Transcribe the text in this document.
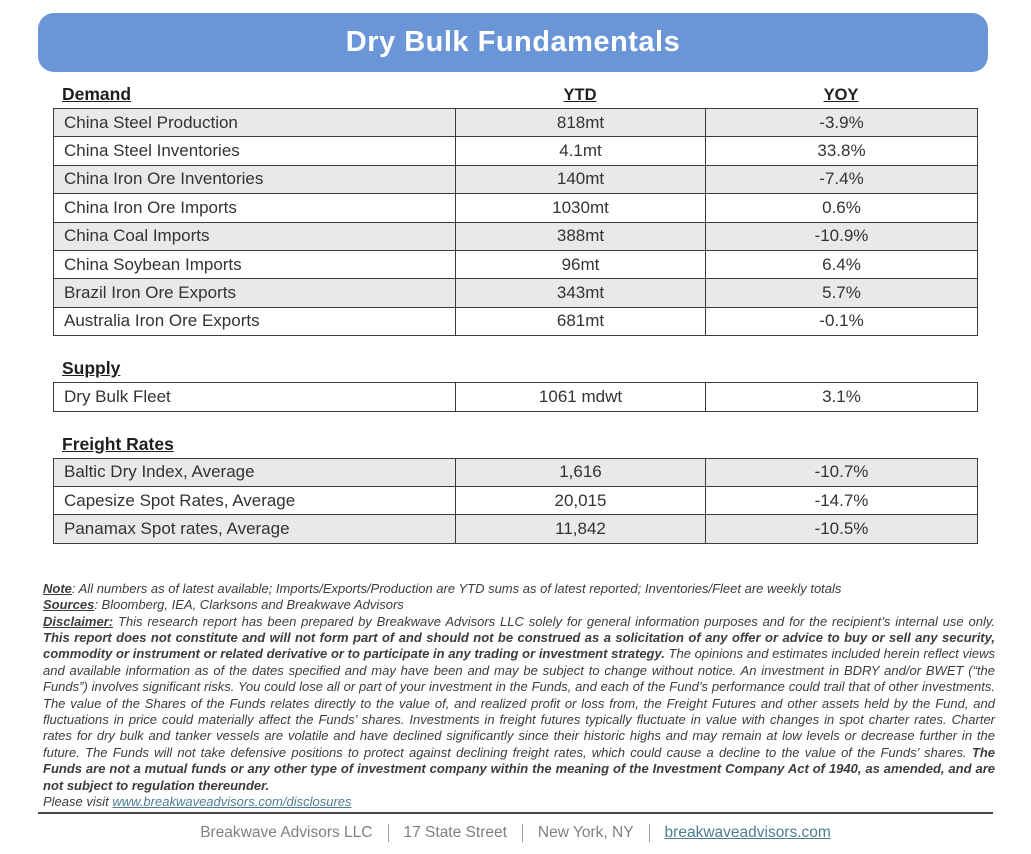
Dry Bulk Fundamentals
Demand	YTD	YOY
China Steel Production	818mt	-3.9%
China Steel Inventories	4.1mt	33.8%
China Iron Ore Inventories	140mt	-7.4%
China Iron Ore Imports	1030mt	0.6%
China Coal Imports	388mt	-10.9%
China Soybean Imports	96mt	6.4%
Brazil Iron Ore Exports	343mt	5.7%
Australia Iron Ore Exports	681mt	-0.1%
Supply
Dry Bulk Fleet	1061 mdwt	3.1%
Freight Rates
Baltic Dry Index, Average	1,616	-10.7%
Capesize Spot Rates, Average	20,015	-14.7%
Panamax Spot rates, Average	11,842	-10.5%
Note: All numbers as of latest available; Imports/Exports/Production are YTD sums as of latest reported; Inventories/Fleet are weekly totals
Sources: Bloomberg, IEA, Clarksons and Breakwave Advisors
Disclaimer: This research report has been prepared by Breakwave Advisors LLC solely for general information purposes and for the recipient’s internal use only. This report does not constitute and will not form part of and should not be construed as a solicitation of any offer or advice to buy or sell any security, commodity or instrument or related derivative or to participate in any trading or investment strategy. The opinions and estimates included herein reflect views and available information as of the dates specified and may have been and may be subject to change without notice. An investment in BDRY and/or BWET (“the Funds”) involves significant risks. You could lose all or part of your investment in the Funds, and each of the Fund’s performance could trail that of other investments. The value of the Shares of the Funds relates directly to the value of, and realized profit or loss from, the Freight Futures and other assets held by the Fund, and fluctuations in price could materially affect the Funds’ shares. Investments in freight futures typically fluctuate in value with changes in spot charter rates. Charter rates for dry bulk and tanker vessels are volatile and have declined significantly since their historic highs and may remain at low levels or decrease further in the future. The Funds will not take defensive positions to protect against declining freight rates, which could cause a decline to the value of the Funds’ shares. The Funds are not a mutual funds or any other type of investment company within the meaning of the Investment Company Act of 1940, as amended, and are not subject to regulation thereunder.
Please visit www.breakwaveadvisors.com/disclosures
Breakwave Advisors LLC 17 State Street New York, NY breakwaveadvisors.com
